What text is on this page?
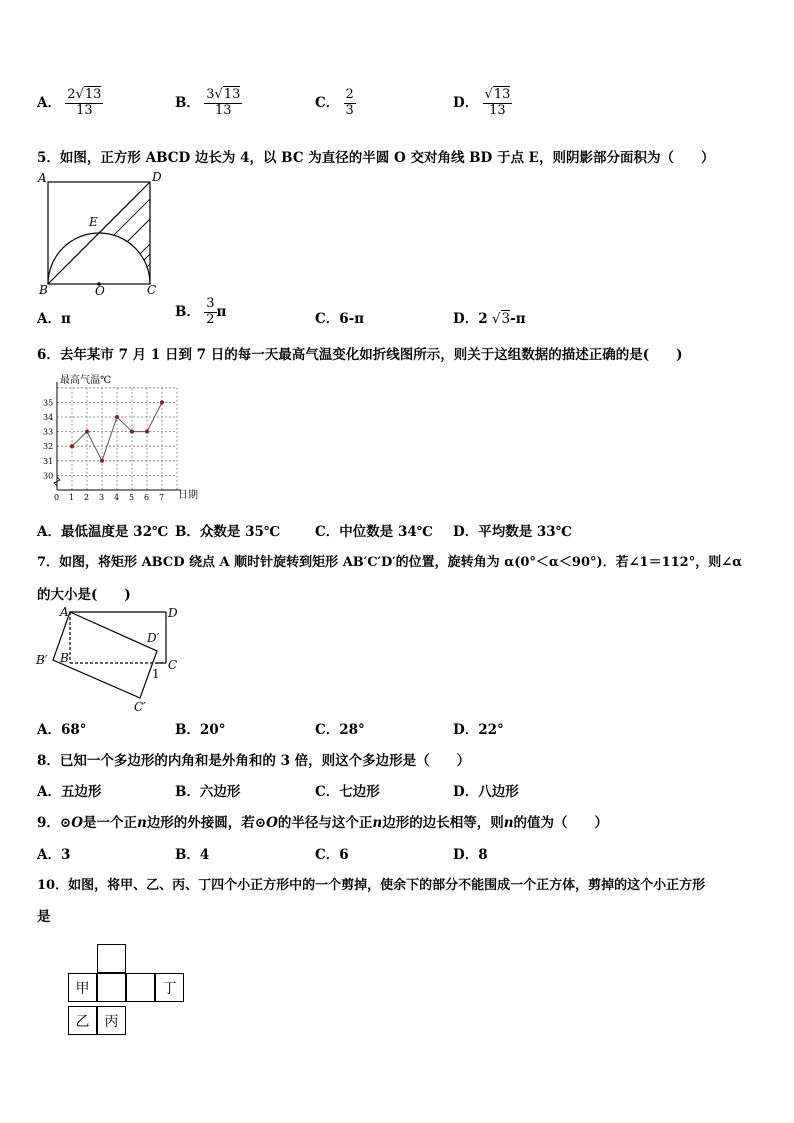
A． $\frac{2√13}{13}$	B． $\frac{3√13}{13}$	C． $\frac{2}{3}$	D． $\frac{√13}{13}$
5．如图，正方形 ABCD 边长为 4，以 BC 为直径的半圆 O 交对角线 BD 于点 E，则阴影部分面积为（　　）
A	D
E
B	O	C
A．π	B． $\frac{3}{2}$ π	C．6-π	D．2 √3-π
6．去年某市 7 月 1 日到 7 日的每一天最高气温变化如折线图所示，则关于这组数据的描述正确的是(　　)
最高气温℃
日期
0 1 2 3 4 5 6 7
30
31
32
33
34
35
A．最低温度是 32℃ B．众数是 35℃	C．中位数是 34℃ D．平均数是 33℃
7．如图，将矩形 ABCD 绕点 A 顺时针旋转到矩形 AB′C′D′的位置，旋转角为 α(0°＜α＜90°)．若∠1＝112°，则∠α
的大小是(　　)
A	D
D′
B′ B	C
1
C′
A．68°	B．20°	C．28°	D．22°
8．已知一个多边形的内角和是外角和的 3 倍，则这个多边形是（　　）
A．五边形	B．六边形	C．七边形	D．八边形
9．⊙O是一个正n边形的外接圆，若⊙O的半径与这个正n边形的边长相等，则n的值为（　　）
A．3	B．4	C．6	D．8
10．如图，将甲、乙、丙、丁四个小正方形中的一个剪掉，使余下的部分不能围成一个正方体，剪掉的这个小正方形
是
甲	丁
乙 丙
